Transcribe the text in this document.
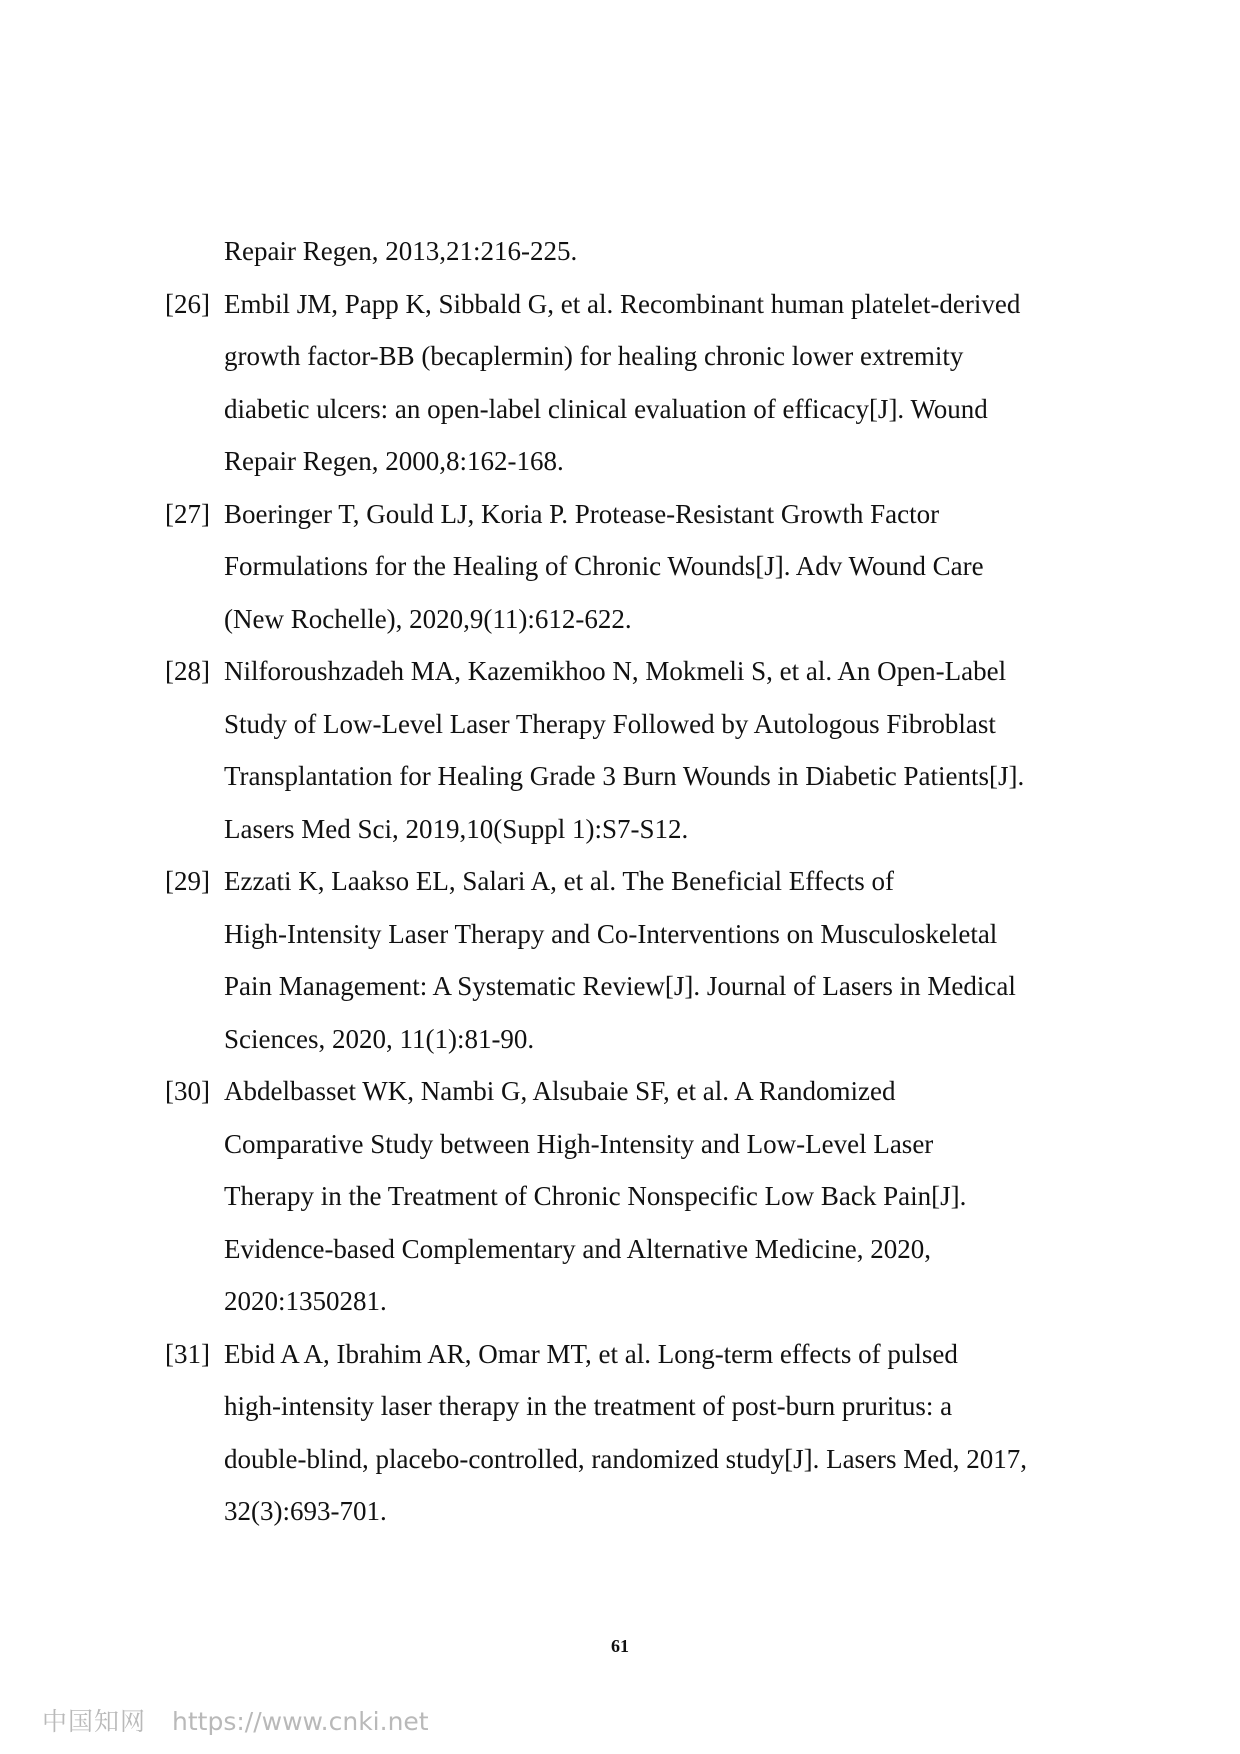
Repair Regen, 2013,21:216-225.
[26] Embil JM, Papp K, Sibbald G, et al. Recombinant human platelet-derived
growth factor-BB (becaplermin) for healing chronic lower extremity
diabetic ulcers: an open-label clinical evaluation of efficacy[J]. Wound
Repair Regen, 2000,8:162-168.
[27] Boeringer T, Gould LJ, Koria P. Protease-Resistant Growth Factor
Formulations for the Healing of Chronic Wounds[J]. Adv Wound Care
(New Rochelle), 2020,9(11):612-622.
[28] Nilforoushzadeh MA, Kazemikhoo N, Mokmeli S, et al. An Open-Label
Study of Low-Level Laser Therapy Followed by Autologous Fibroblast
Transplantation for Healing Grade 3 Burn Wounds in Diabetic Patients[J].
Lasers Med Sci, 2019,10(Suppl 1):S7-S12.
[29] Ezzati K, Laakso EL, Salari A, et al. The Beneficial Effects of
High-Intensity Laser Therapy and Co-Interventions on Musculoskeletal
Pain Management: A Systematic Review[J]. Journal of Lasers in Medical
Sciences, 2020, 11(1):81-90.
[30] Abdelbasset WK, Nambi G, Alsubaie SF, et al. A Randomized
Comparative Study between High-Intensity and Low-Level Laser
Therapy in the Treatment of Chronic Nonspecific Low Back Pain[J].
Evidence-based Complementary and Alternative Medicine, 2020,
2020:1350281.
[31] Ebid A A, Ibrahim AR, Omar MT, et al. Long-term effects of pulsed
high-intensity laser therapy in the treatment of post-burn pruritus: a
double-blind, placebo-controlled, randomized study[J]. Lasers Med, 2017,
32(3):693-701.
61
中国知网 https://www.cnki.net
